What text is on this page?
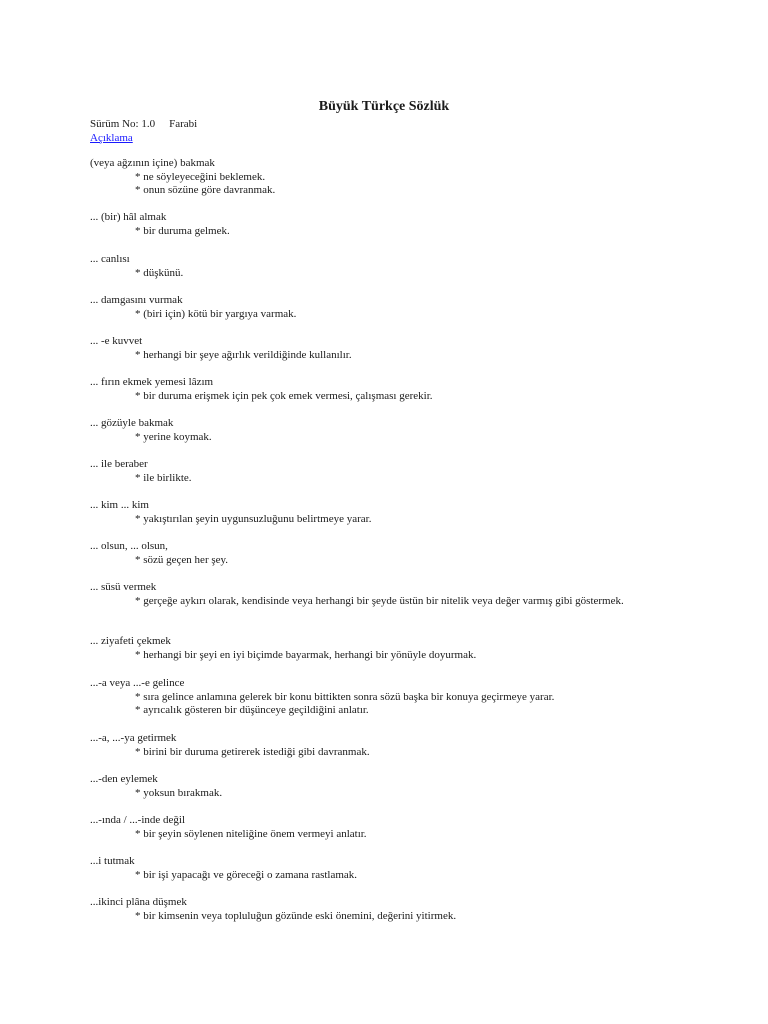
Büyük Türkçe Sözlük
Sürüm No: 1.0 Farabi
Açıklama
(veya ağzının içine) bakmak
* ne söyleyeceğini beklemek.
* onun sözüne göre davranmak.
... (bir) hâl almak
* bir duruma gelmek.
... canlısı
* düşkünü.
... damgasını vurmak
* (biri için) kötü bir yargıya varmak.
... -e kuvvet
* herhangi bir şeye ağırlık verildiğinde kullanılır.
... fırın ekmek yemesi lâzım
* bir duruma erişmek için pek çok emek vermesi, çalışması gerekir.
... gözüyle bakmak
* yerine koymak.
... ile beraber
* ile birlikte.
... kim ... kim
* yakıştırılan şeyin uygunsuzluğunu belirtmeye yarar.
... olsun, ... olsun,
* sözü geçen her şey.
... süsü vermek
* gerçeğe aykırı olarak, kendisinde veya herhangi bir şeyde üstün bir nitelik veya değer varmış gibi göstermek.
... ziyafeti çekmek
* herhangi bir şeyi en iyi biçimde bayarmak, herhangi bir yönüyle doyurmak.
...-a veya ...-e gelince
* sıra gelince anlamına gelerek bir konu bittikten sonra sözü başka bir konuya geçirmeye yarar.
* ayrıcalık gösteren bir düşünceye geçildiğini anlatır.
...-a, ...-ya getirmek
* birini bir duruma getirerek istediği gibi davranmak.
...-den eylemek
* yoksun bırakmak.
...-ında / ...-inde değil
* bir şeyin söylenen niteliğine önem vermeyi anlatır.
...i tutmak
* bir işi yapacağı ve göreceği o zamana rastlamak.
...ikinci plâna düşmek
* bir kimsenin veya topluluğun gözünde eski önemini, değerini yitirmek.
